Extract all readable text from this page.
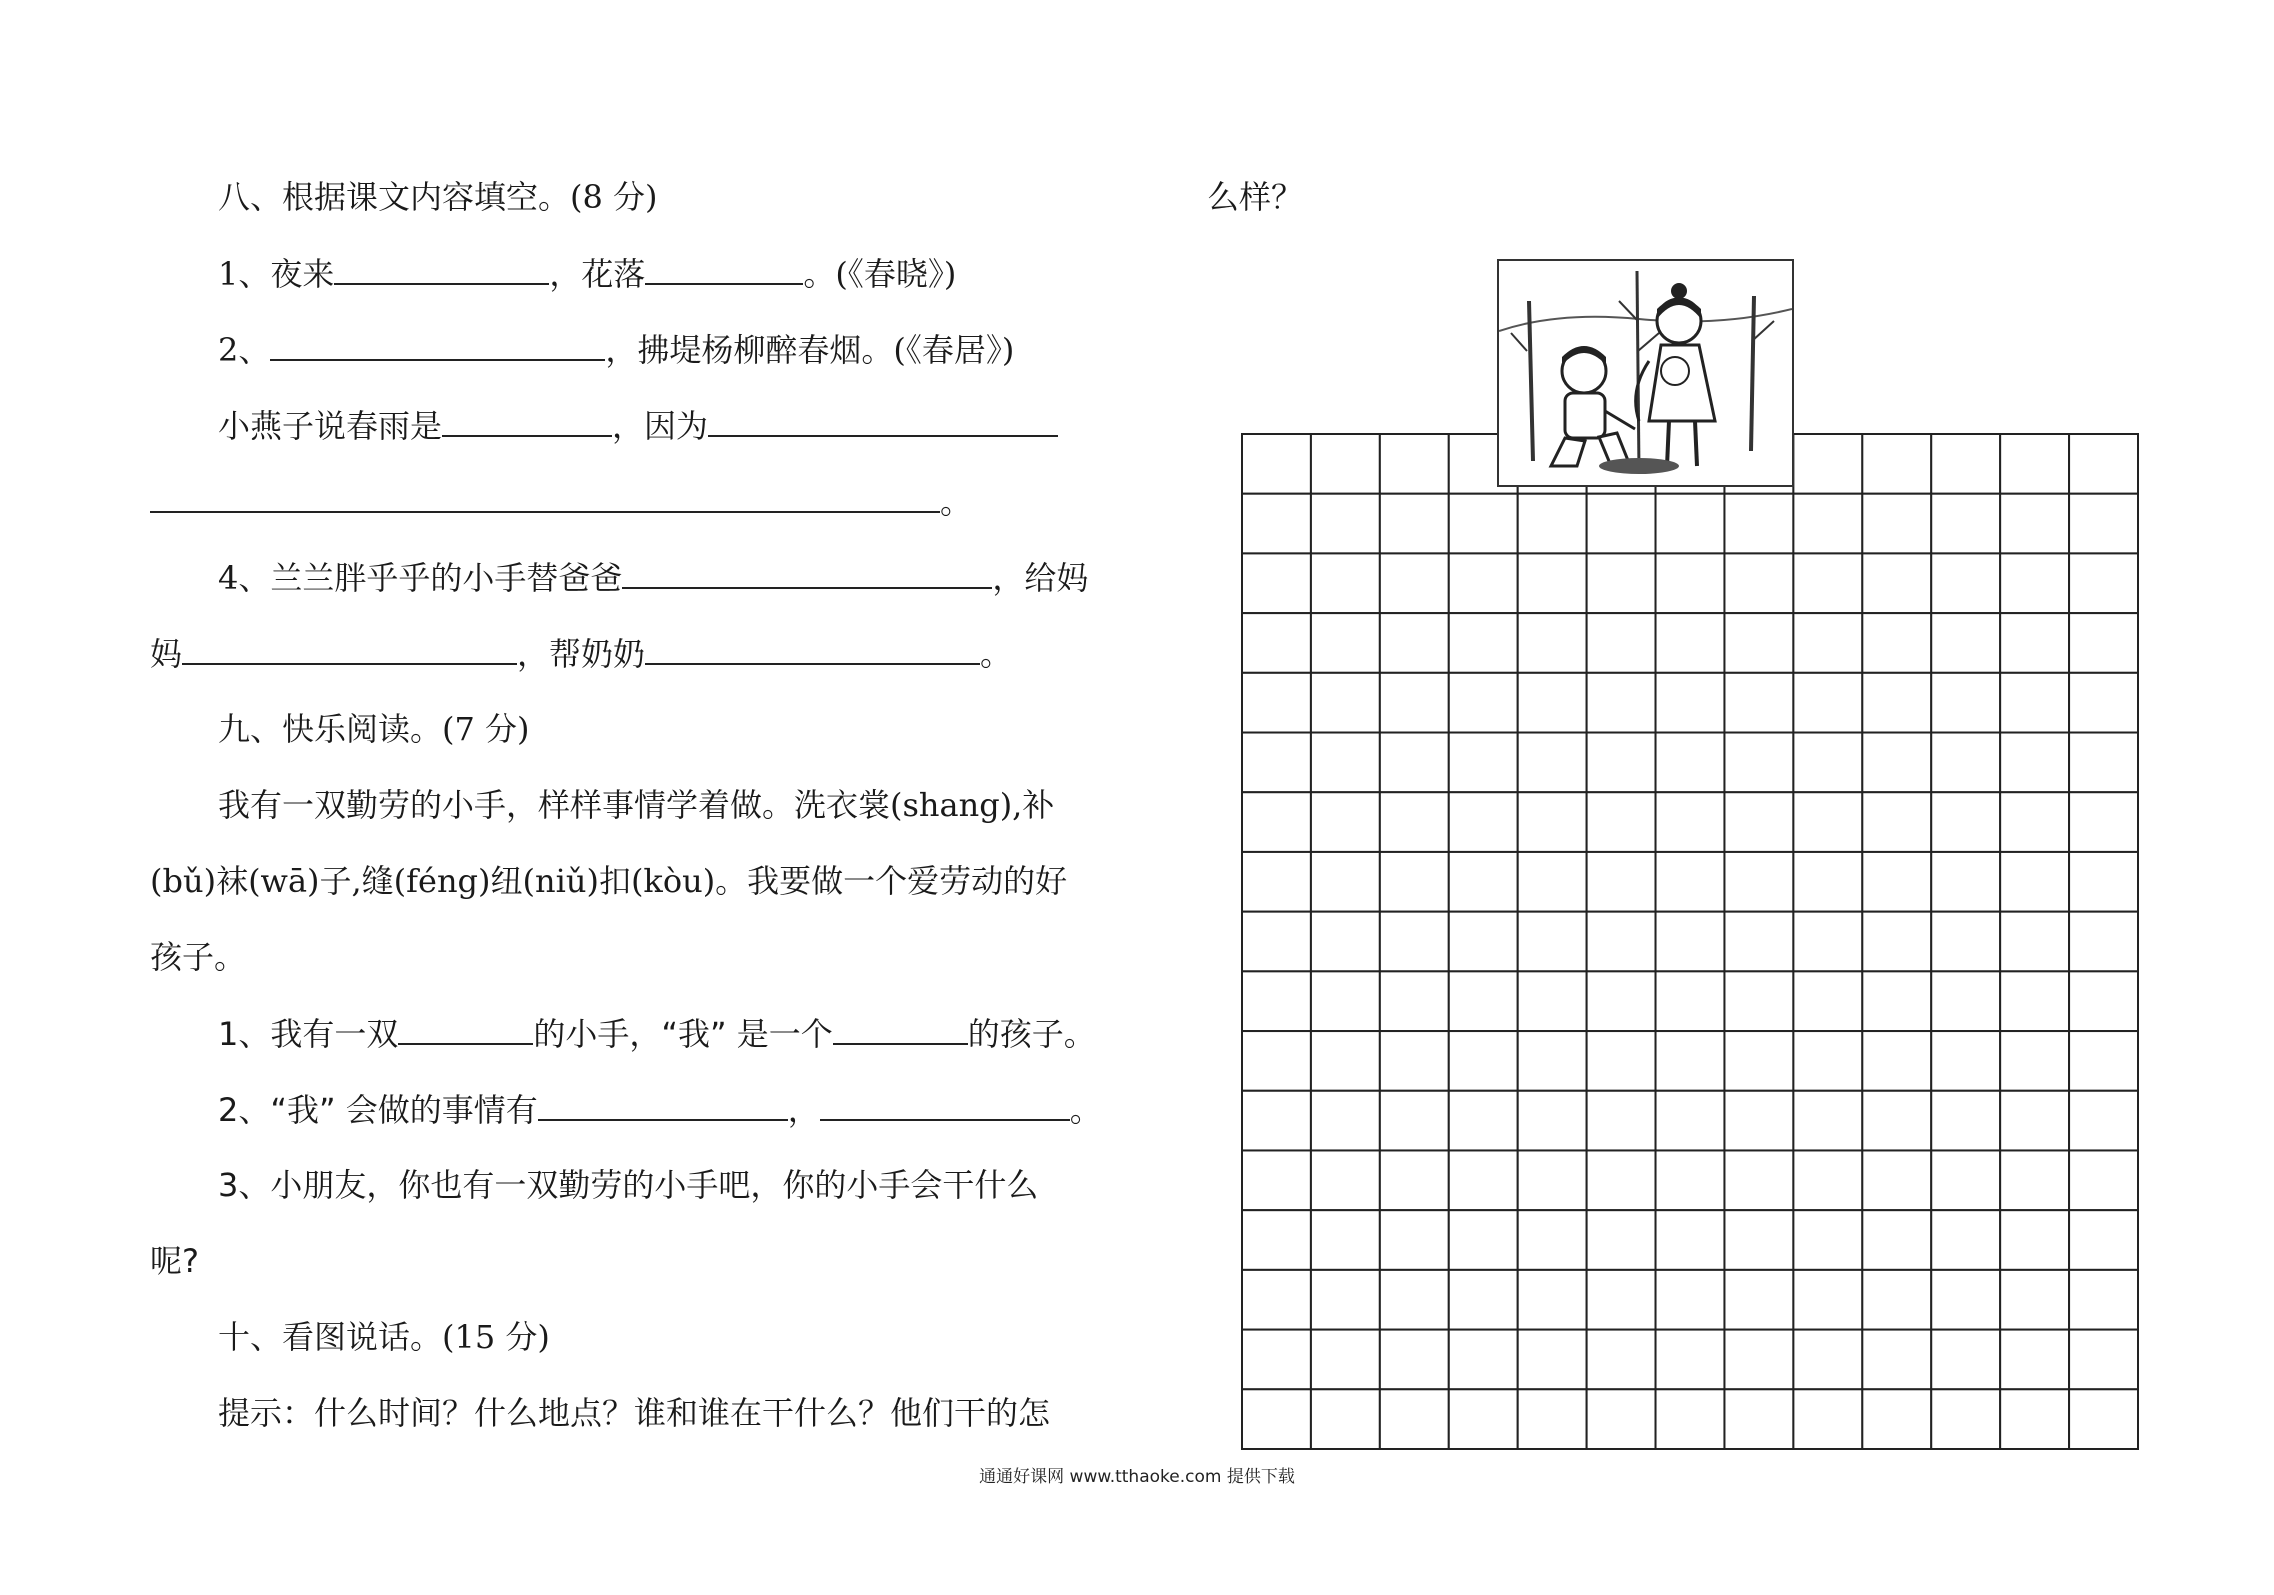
八、根据课文内容填空。(8 分)
1、夜来	，花落	。(《春晓》)
2、	，拂堤杨柳醉春烟。(《春居》)
小燕子说春雨是	，因为
。
4、兰兰胖乎乎的小手替爸爸	，给妈
妈	，帮奶奶	。
九、快乐阅读。(7 分)
我有一双勤劳的小手，样样事情学着做。洗衣裳(shang),补
(bǔ)袜(wā)子,缝(féng)纽(niǔ)扣(kòu)。我要做一个爱劳动的好
孩子。
1、我有一双	的小手，“我” 是一个	的孩子。
2、“我” 会做的事情有	，	。
3、小朋友，你也有一双勤劳的小手吧，你的小手会干什么
呢?
十、看图说话。(15 分)
提示：什么时间？什么地点？谁和谁在干什么？他们干的怎
么样？
通通好课网 www.tthaoke.com 提供下载
